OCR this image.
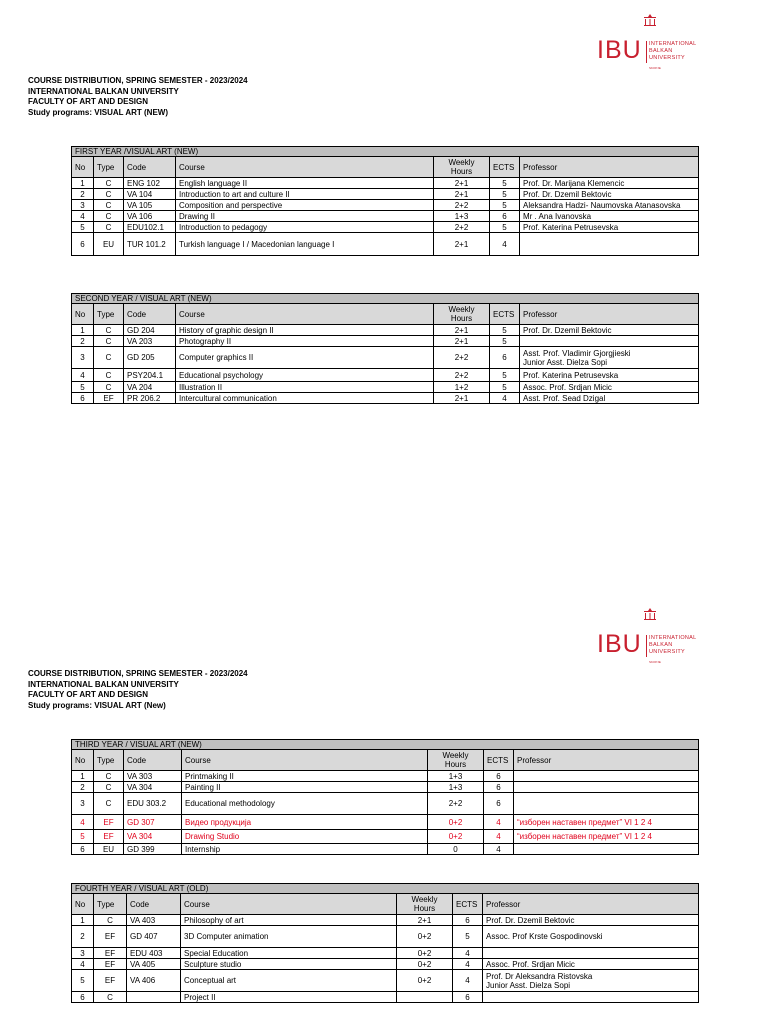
IBU INTERNATIONAL
BALKAN
UNIVERSITY
SKOPJE
COURSE DISTRIBUTION, SPRING SEMESTER - 2023/2024
INTERNATIONAL BALKAN UNIVERSITY
FACULTY OF ART AND DESIGN
Study programs: VISUAL ART (NEW)
FIRST YEAR /VISUAL ART (NEW)						
No	Type	Code	Course	Weekly Hours	ECTS	Professor
1	C	ENG 102	English language II	2+1	5	Prof. Dr. Marijana Klemencic
2	C	VA 104	Introduction to art and culture II	2+1	5	Prof. Dr. Dzemil Bektovic
3	C	VA 105	Composition and perspective	2+2	5	Aleksandra Hadzi- Naumovska Atanasovska
4	C	VA 106	Drawing II	1+3	6	Mr . Ana Ivanovska
5	C	EDU102.1	Introduction to pedagogy	2+2	5	Prof. Katerina Petrusevska
6	EU	TUR 101.2	Turkish language I / Macedonian language I	2+1	4	
SECOND YEAR / VISUAL ART (NEW)						
No	Type	Code	Course	Weekly Hours	ECTS	Professor
1	C	GD 204	History of graphic design II	2+1	5	Prof. Dr. Dzemil Bektovic
2	C	VA 203	Photography II	2+1	5	
3	C	GD 205	Computer graphics II	2+2	6	Asst. Prof. Vladimir Gjorgjieski
Junior Asst. Dielza Sopi
4	C	PSY204.1	Educational psychology	2+2	5	Prof. Katerina Petrusevska
5	C	VA 204	Illustration II	1+2	5	Assoc. Prof. Srdjan Micic
6	EF	PR 206.2	Intercultural communication	2+1	4	Asst. Prof. Sead Dzigal
IBU INTERNATIONAL
BALKAN
UNIVERSITY
SKOPJE
COURSE DISTRIBUTION, SPRING SEMESTER - 2023/2024
INTERNATIONAL BALKAN UNIVERSITY
FACULTY OF ART AND DESIGN
Study programs: VISUAL ART (New)
THIRD YEAR / VISUAL ART (NEW)						
No	Type	Code	Course	Weekly Hours	ECTS	Professor
1	C	VA 303	Printmaking II	1+3	6	
2	C	VA 304	Painting II	1+3	6	
3	C	EDU 303.2	Educational methodology	2+2	6	
4	EF	GD 307	Видео продукција	0+2	4	“изборен наставен предмет” VI 1 2 4
5	EF	VA 304	Drawing Studio	0+2	4	“изборен наставен предмет” VI 1 2 4
6	EU	GD 399	Internship	0	4	
FOURTH YEAR / VISUAL ART (OLD)						
No	Type	Code	Course	Weekly Hours	ECTS	Professor
1	C	VA 403	Philosophy of art	2+1	6	Prof. Dr. Dzemil Bektovic
2	EF	GD 407	3D Computer animation	0+2	5	Assoc. Prof Krste Gospodinovski
3	EF	EDU 403	Special Education	0+2	4	
4	EF	VA 405	Sculpture studio	0+2	4	Assoc. Prof. Srdjan Micic
5	EF	VA 406	Conceptual art	0+2	4	Prof. Dr Aleksandra Ristovska
Junior Asst. Dielza Sopi
6	C		Project II		6	
